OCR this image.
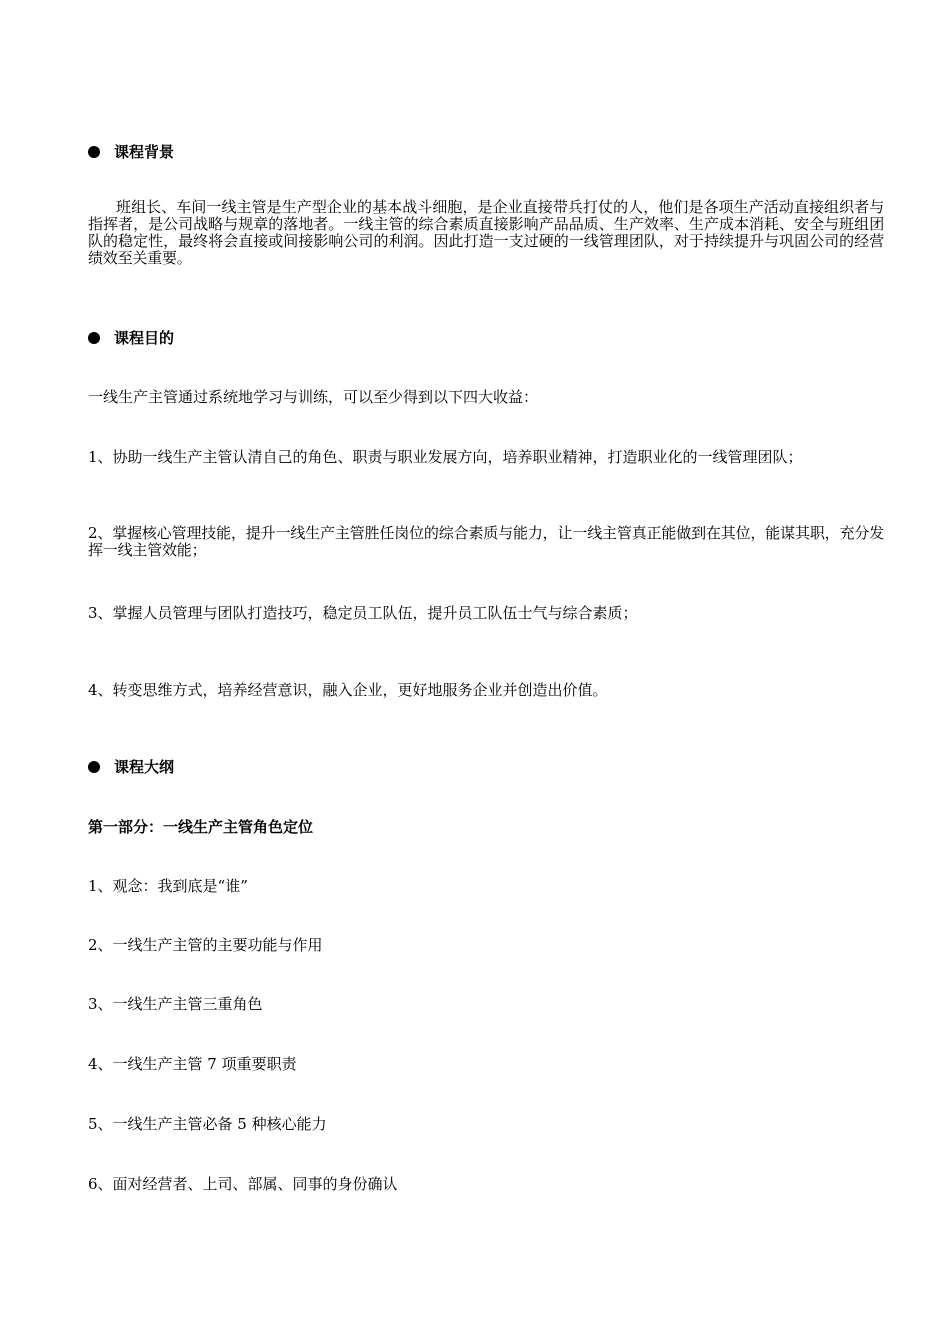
课程背景
班组长、车间一线主管是生产型企业的基本战斗细胞，是企业直接带兵打仗的人，他们是各项生产活动直接组织者与指挥者，是公司战略与规章的落地者。一线主管的综合素质直接影响产品品质、生产效率、生产成本消耗、安全与班组团队的稳定性，最终将会直接或间接影响公司的利润。因此打造一支过硬的一线管理团队，对于持续提升与巩固公司的经营绩效至关重要。
课程目的
一线生产主管通过系统地学习与训练，可以至少得到以下四大收益：
1、协助一线生产主管认清自己的角色、职责与职业发展方向，培养职业精神，打造职业化的一线管理团队；
2、掌握核心管理技能，提升一线生产主管胜任岗位的综合素质与能力，让一线主管真正能做到在其位，能谋其职，充分发挥一线主管效能；
3、掌握人员管理与团队打造技巧，稳定员工队伍，提升员工队伍士气与综合素质；
4、转变思维方式，培养经营意识，融入企业，更好地服务企业并创造出价值。
课程大纲
第一部分：一线生产主管角色定位
1、观念：我到底是“谁”
2、一线生产主管的主要功能与作用
3、一线生产主管三重角色
4、一线生产主管 7 项重要职责
5、一线生产主管必备 5 种核心能力
6、面对经营者、上司、部属、同事的身份确认
